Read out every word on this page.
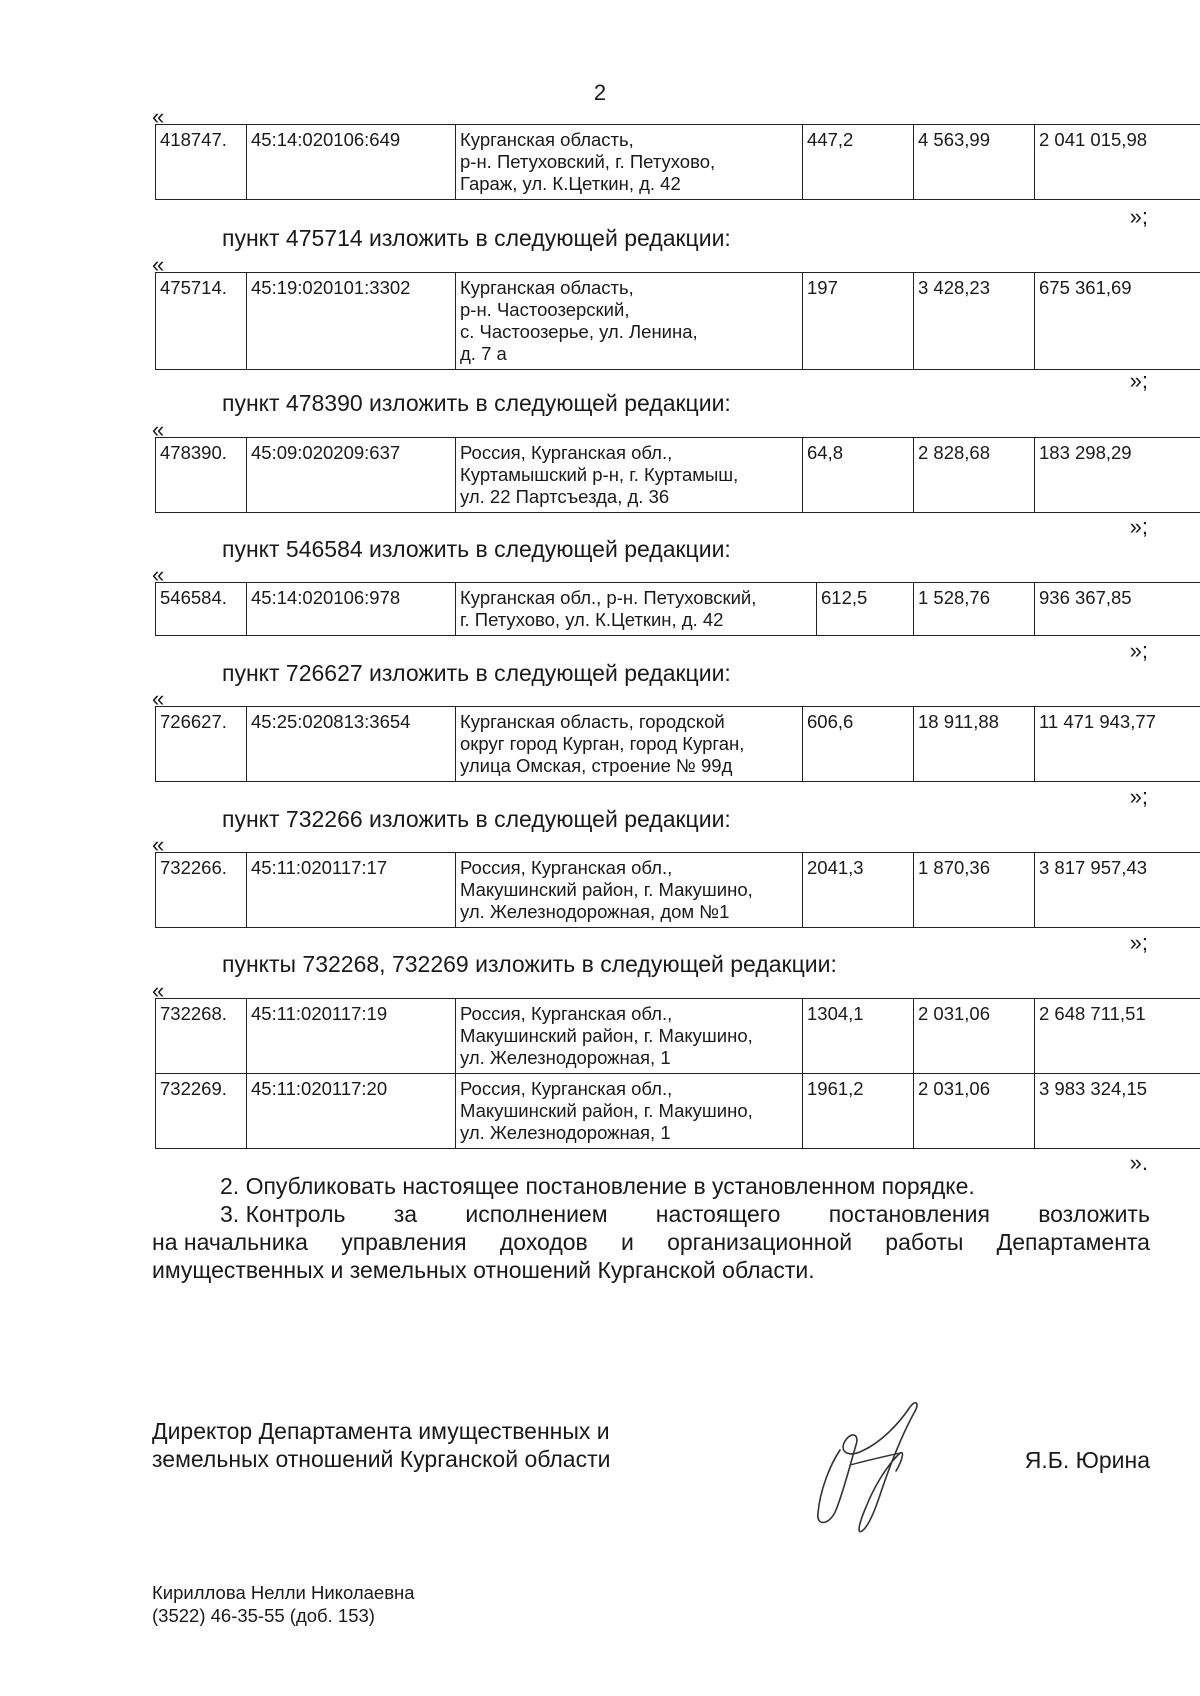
2
«
418747.	45:14:020106:649	Курганская область,
р-н. Петуховский, г. Петухово,
Гараж, ул. К.Цеткин, д. 42	447,2	4 563,99	2 041 015,98
»;
пункт 475714 изложить в следующей редакции:
«
475714.	45:19:020101:3302	Курганская область,
р-н. Частоозерский,
с. Частоозерье, ул. Ленина,
д. 7 а	197	3 428,23	675 361,69
»;
пункт 478390 изложить в следующей редакции:
«
478390.	45:09:020209:637	Россия, Курганская обл.,
Куртамышский р-н, г. Куртамыш,
ул. 22 Партсъезда, д. 36	64,8	2 828,68	183 298,29
»;
пункт 546584 изложить в следующей редакции:
«
546584.	45:14:020106:978	Курганская обл., р-н. Петуховский,
г. Петухово, ул. К.Цеткин, д. 42	612,5	1 528,76	936 367,85
»;
пункт 726627 изложить в следующей редакции:
«
726627.	45:25:020813:3654	Курганская область, городской
округ город Курган, город Курган,
улица Омская, строение № 99д	606,6	18 911,88	11 471 943,77
»;
пункт 732266 изложить в следующей редакции:
«
732266.	45:11:020117:17	Россия, Курганская обл.,
Макушинский район, г. Макушино,
ул. Железнодорожная, дом №1	2041,3	1 870,36	3 817 957,43
»;
пункты 732268, 732269 изложить в следующей редакции:
«
732268.	45:11:020117:19	Россия, Курганская обл.,
Макушинский район, г. Макушино,
ул. Железнодорожная, 1	1304,1	2 031,06	2 648 711,51
732269.	45:11:020117:20	Россия, Курганская обл.,
Макушинский район, г. Макушино,
ул. Железнодорожная, 1	1961,2	2 031,06	3 983 324,15
».

2. Опубликовать настоящее постановление в установленном порядке.

3. Контроль за исполнением настоящего постановления возложить
на начальника управления доходов и организационной работы Департамента

имущественных и земельных отношений Курганской области.

Директор Департамента имущественных и
земельных отношений Курганской области	Я.Б. Юрина
Кириллова Нелли Николаевна
(3522) 46-35-55 (доб. 153)
